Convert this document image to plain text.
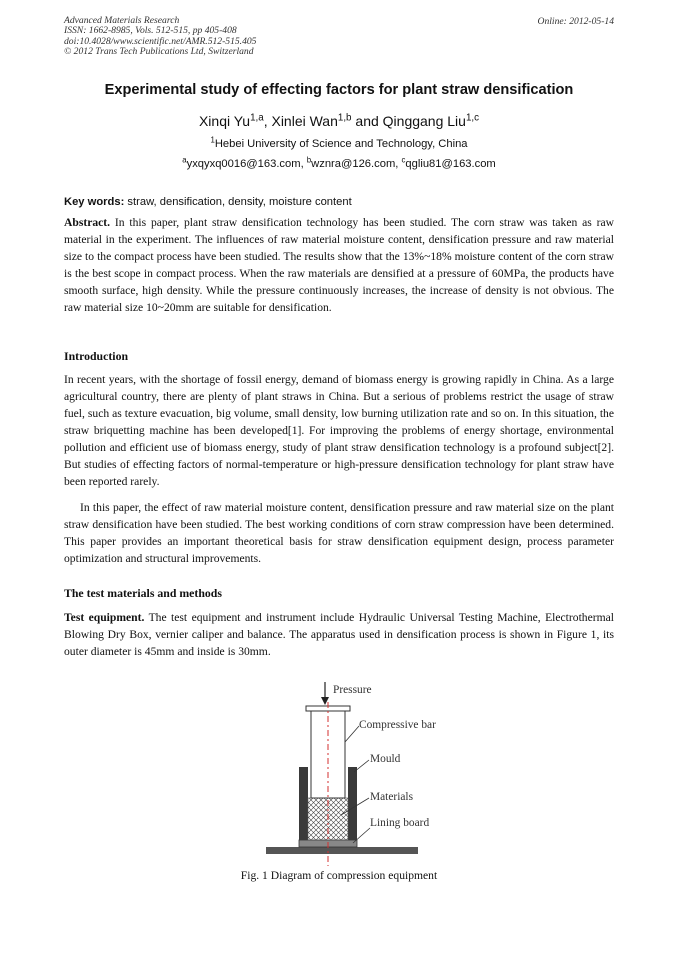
Advanced Materials Research
ISSN: 1662-8985, Vols. 512-515, pp 405-408
doi:10.4028/www.scientific.net/AMR.512-515.405
© 2012 Trans Tech Publications Ltd, Switzerland
Online: 2012-05-14
Experimental study of effecting factors for plant straw densification
Xinqi Yu$^{1,a}$, Xinlei Wan$^{1,b}$ and Qinggang Liu$^{1,c}$
$^1$Hebei University of Science and Technology, China
$^a$yxqyxq0016@163.com, $^b$wznra@126.com, $^c$qgliu81@163.com
Key words: straw, densification, density, moisture content
Abstract. In this paper, plant straw densification technology has been studied. The corn straw was taken as raw material in the experiment. The influences of raw material moisture content, densification pressure and raw material size to the compact process have been studied. The results show that the 13%~18% moisture content of the corn straw is the best scope in compact process. When the raw materials are densified at a pressure of 60MPa, the products have smooth surface, high density. While the pressure continuously increases, the increase of density is not obvious. The raw material size 10~20mm are suitable for densification.
Introduction
In recent years, with the shortage of fossil energy, demand of biomass energy is growing rapidly in China. As a large agricultural country, there are plenty of plant straws in China. But a serious of problems restrict the usage of straw fuel, such as texture evacuation, big volume, small density, low burning utilization rate and so on. In this situation, the straw briquetting machine has been developed[1]. For improving the problems of energy shortage, environmental pollution and efficient use of biomass energy, study of plant straw densification technology is a profound subject[2]. But studies of effecting factors of normal-temperature or high-pressure densification technology for plant straw have been reported rarely.
In this paper, the effect of raw material moisture content, densification pressure and raw material size on the plant straw densification have been studied. The best working conditions of corn straw compression have been determined. This paper provides an important theoretical basis for straw densification equipment design, process parameter optimization and structural improvements.
The test materials and methods
Test equipment. The test equipment and instrument include Hydraulic Universal Testing Machine, Electrothermal Blowing Dry Box, vernier caliper and balance. The apparatus used in densification process is shown in Figure 1, its outer diameter is 45mm and inside is 30mm.
Pressure
Compressive bar
Mould
Materials
Lining board
Fig. 1 Diagram of compression equipment
